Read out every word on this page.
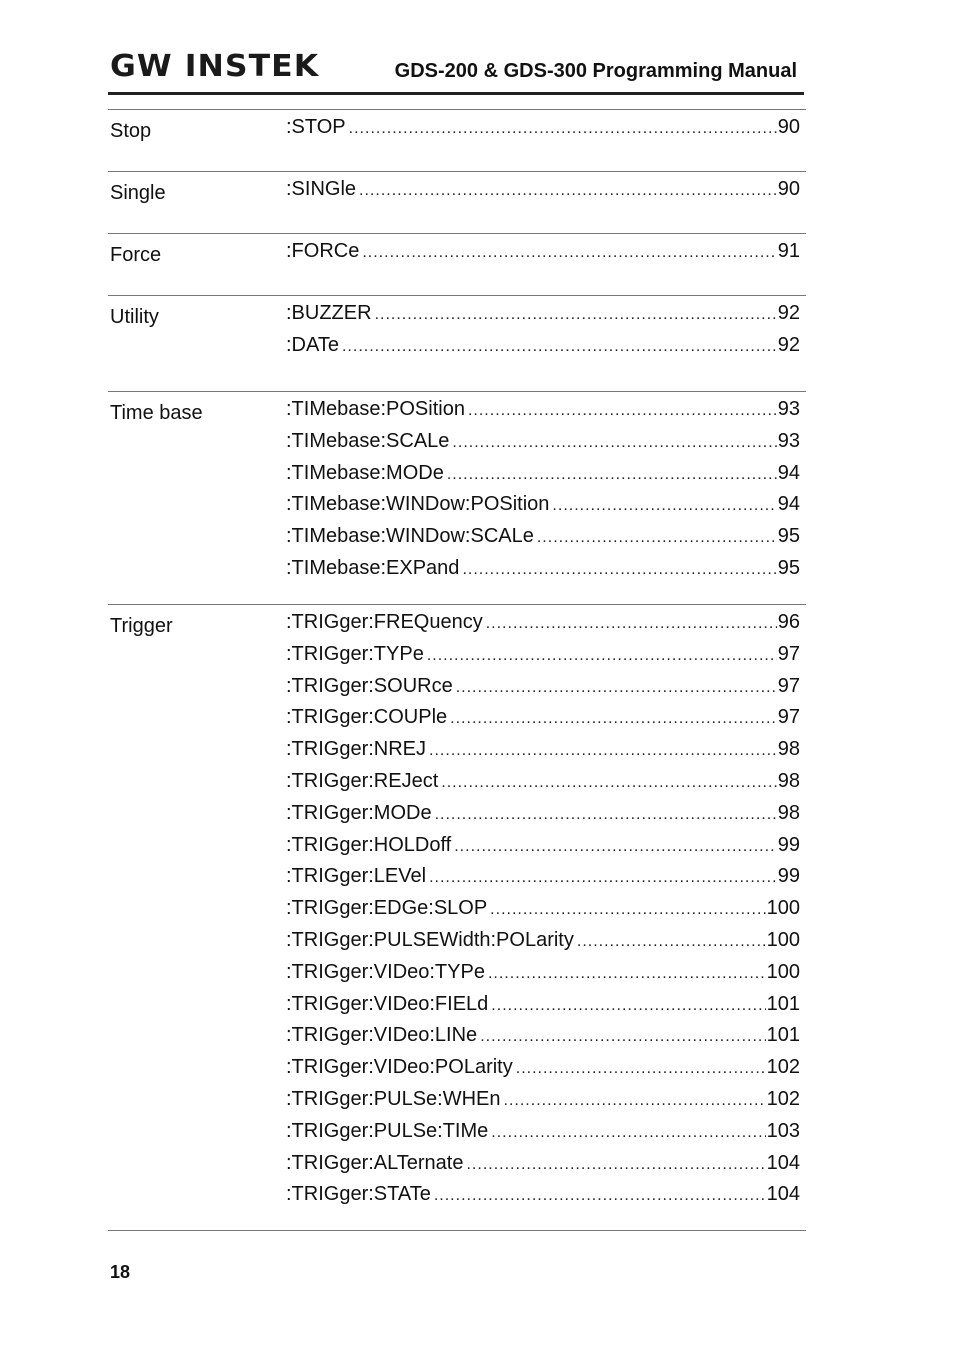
GW INSTEK	GDS-200 & GDS-300 Programming Manual
Stop	:STOP .....	90
Single	:SINGle .....	90
Force	:FORCe .....	91
Utility	:BUZZER .....	92
:DATe .....	92
Time base	:TIMebase:POSition .....	93
:TIMebase:SCALe .....	93
:TIMebase:MODe .....	94
:TIMebase:WINDow:POSition .....	94
:TIMebase:WINDow:SCALe .....	95
:TIMebase:EXPand .....	95
Trigger	:TRIGger:FREQuency .....	96
:TRIGger:TYPe .....	97
:TRIGger:SOURce .....	97
:TRIGger:COUPle .....	97
:TRIGger:NREJ .....	98
:TRIGger:REJect .....	98
:TRIGger:MODe .....	98
:TRIGger:HOLDoff .....	99
:TRIGger:LEVel .....	99
:TRIGger:EDGe:SLOP .....	100
:TRIGger:PULSEWidth:POLarity .....	100
:TRIGger:VIDeo:TYPe .....	100
:TRIGger:VIDeo:FIELd .....	101
:TRIGger:VIDeo:LINe .....	101
:TRIGger:VIDeo:POLarity .....	102
:TRIGger:PULSe:WHEn .....	102
:TRIGger:PULSe:TIMe .....	103
:TRIGger:ALTernate .....	104
:TRIGger:STATe .....	104
18
